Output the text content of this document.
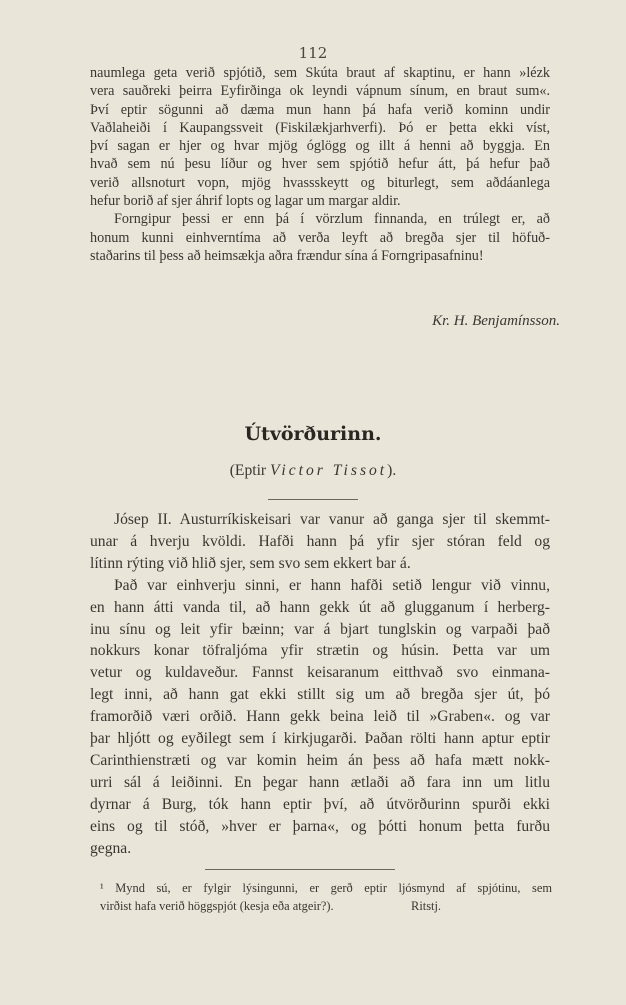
112
naumlega geta verið spjótið, sem Skúta braut af skaptinu, er hann »lézk
vera sauðreki þeirra Eyfirðinga ok leyndi vápnum sínum, en braut sum«.
Því eptir sögunni að dæma mun hann þá hafa verið kominn undir
Vaðlaheiði í Kaupangssveit (Fiskilækjarhverfi). Þó er þetta ekki víst,
því sagan er hjer og hvar mjög óglögg og illt á henni að byggja. En
hvað sem nú þesu líður og hver sem spjótið hefur átt, þá hefur það
verið allsnoturt vopn, mjög hvassskeytt og biturlegt, sem aðdáanlega
hefur borið af sjer áhrif lopts og lagar um margar aldir.
Forngipur þessi er enn þá í vörzlum finnanda, en trúlegt er, að
honum kunni einhverntíma að verða leyft að bregða sjer til höfuð-
staðarins til þess að heimsækja aðra frændur sína á Forngripasafninu!
Kr. H. Benjamínsson.
Útvörðurinn.
(Eptir Victor Tissot).
Jósep II. Austurríkiskeisari var vanur að ganga sjer til skemmt-
unar á hverju kvöldi. Hafði hann þá yfir sjer stóran feld og
lítinn rýting við hlið sjer, sem svo sem ekkert bar á.
Það var einhverju sinni, er hann hafði setið lengur við vinnu,
en hann átti vanda til, að hann gekk út að glugganum í herberg-
inu sínu og leit yfir bæinn; var á bjart tunglskin og varpaði það
nokkurs konar töfraljóma yfir strætin og húsin. Þetta var um
vetur og kuldaveður. Fannst keisaranum eitthvað svo einmana-
legt inni, að hann gat ekki stillt sig um að bregða sjer út, þó
framorðið væri orðið. Hann gekk beina leið til »Graben«. og var
þar hljótt og eyðilegt sem í kirkjugarði. Þaðan rölti hann aptur eptir
Carinthienstræti og var komin heim án þess að hafa mætt nokk-
urri sál á leiðinni. En þegar hann ætlaði að fara inn um litlu
dyrnar á Burg, tók hann eptir því, að útvörðurinn spurði ekki
eins og til stóð, »hver er þarna«, og þótti honum þetta furðu
gegna.
¹ Mynd sú, er fylgir lýsingunni, er gerð eptir ljósmynd af spjótinu, sem
virðist hafa verið höggspjót (kesja eða atgeir?).                         Ritstj.
